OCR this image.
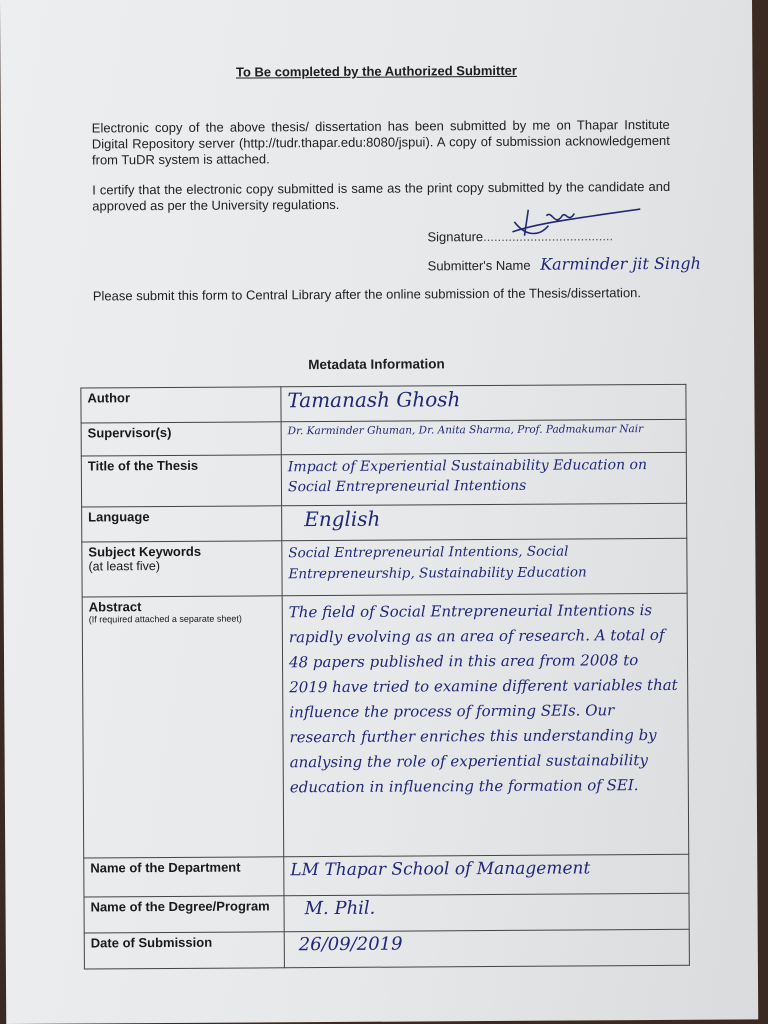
To Be completed by the Authorized Submitter
Electronic copy of the above thesis/ dissertation has been submitted by me on Thapar Institute Digital Repository server (http://tudr.thapar.edu:8080/jspui). A copy of submission acknowledgement from TuDR system is attached.
I certify that the electronic copy submitted is same as the print copy submitted by the candidate and approved as per the University regulations.
Signature....................................
Submitter's Name Karminder jit Singh
Please submit this form to Central Library after the online submission of the Thesis/dissertation.
Metadata Information
Author	Tamanash Ghosh
Supervisor(s)	Dr. Karminder Ghuman, Dr. Anita Sharma, Prof. Padmakumar Nair
Title of the Thesis	Impact of Experiential Sustainability Education on Social Entrepreneurial Intentions
Language	English
Subject Keywords
(at least five)	Social Entrepreneurial Intentions, Social Entrepreneurship, Sustainability Education
Abstract
(If required attached a separate sheet)	The field of Social Entrepreneurial Intentions is rapidly evolving as an area of research. A total of 48 papers published in this area from 2008 to 2019 have tried to examine different variables that influence the process of forming SEIs. Our research further enriches this understanding by analysing the role of experiential sustainability education in influencing the formation of SEI.
Name of the Department	LM Thapar School of Management
Name of the Degree/Program	M. Phil.
Date of Submission	26/09/2019
